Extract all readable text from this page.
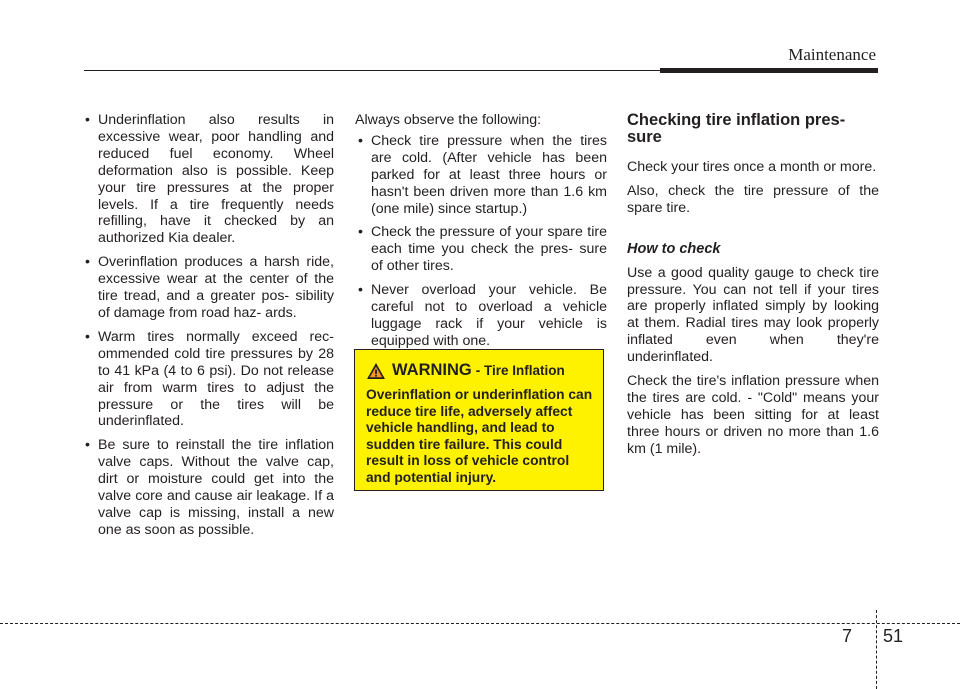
Maintenance
• Underinflation also results in excessive wear, poor handling and reduced fuel economy. Wheel deformation also is possible. Keep your tire pressures at the proper levels. If a tire frequently needs refilling, have it checked by an authorized Kia dealer.
• Overinflation produces a harsh ride, excessive wear at the center of the tire tread, and a greater pos- sibility of damage from road haz- ards.
• Warm tires normally exceed rec- ommended cold tire pressures by 28 to 41 kPa (4 to 6 psi). Do not release air from warm tires to adjust the pressure or the tires will be underinflated.
• Be sure to reinstall the tire inflation valve caps. Without the valve cap, dirt or moisture could get into the valve core and cause air leakage. If a valve cap is missing, install a new one as soon as possible.

Always observe the following:

• Check tire pressure when the tires are cold. (After vehicle has been parked for at least three hours or hasn't been driven more than 1.6 km (one mile) since startup.)
• Check the pressure of your spare tire each time you check the pres- sure of other tires.
• Never overload your vehicle. Be careful not to overload a vehicle luggage rack if your vehicle is equipped with one.
WARNING - Tire Inflation
Overinflation or underinflation can reduce tire life, adversely affect vehicle handling, and lead to sudden tire failure. This could result in loss of vehicle control and potential injury.
Checking tire inflation pres- sure

Check your tires once a month or more.

Also, check the tire pressure of the spare tire.

How to check

Use a good quality gauge to check tire pressure. You can not tell if your tires are properly inflated simply by looking at them. Radial tires may look properly inflated even when they're underinflated.

Check the tire's inflation pressure when the tires are cold. - "Cold" means your vehicle has been sitting for at least three hours or driven no more than 1.6 km (1 mile).

7 51
